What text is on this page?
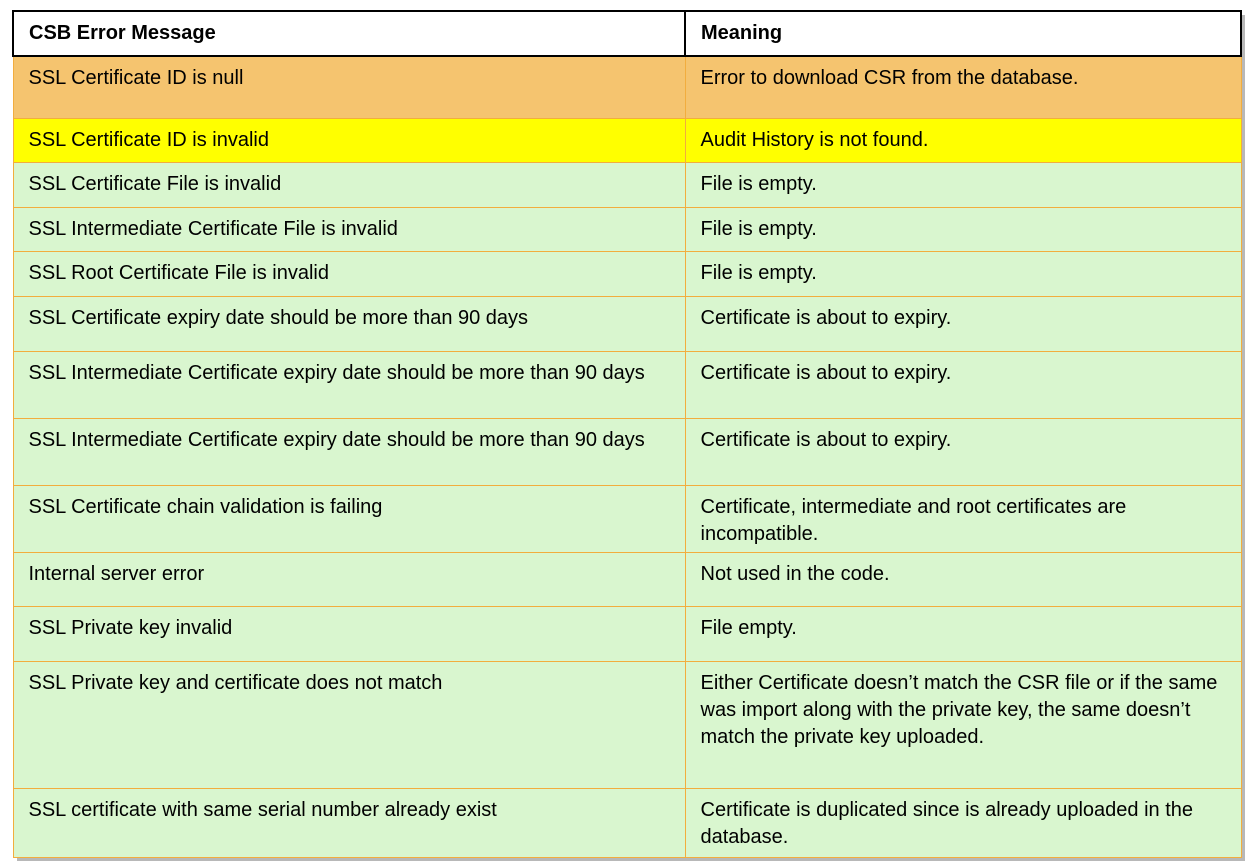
CSB Error Message	Meaning
SSL Certificate ID is null	Error to download CSR from the database.
SSL Certificate ID is invalid	Audit History is not found.
SSL Certificate File is invalid	File is empty.
SSL Intermediate Certificate File is invalid	File is empty.
SSL Root Certificate File is invalid	File is empty.
SSL Certificate expiry date should be more than 90 days	Certificate is about to expiry.
SSL Intermediate Certificate expiry date should be more than 90 days	Certificate is about to expiry.
SSL Intermediate Certificate expiry date should be more than 90 days	Certificate is about to expiry.
SSL Certificate chain validation is failing	Certificate, intermediate and root certificates are incompatible.
Internal server error	Not used in the code.
SSL Private key invalid	File empty.
SSL Private key and certificate does not match	Either Certificate doesn’t match the CSR file or if the same was import along with the private key, the same doesn’t match the private key uploaded.
SSL certificate with same serial number already exist	Certificate is duplicated since is already uploaded in the database.
